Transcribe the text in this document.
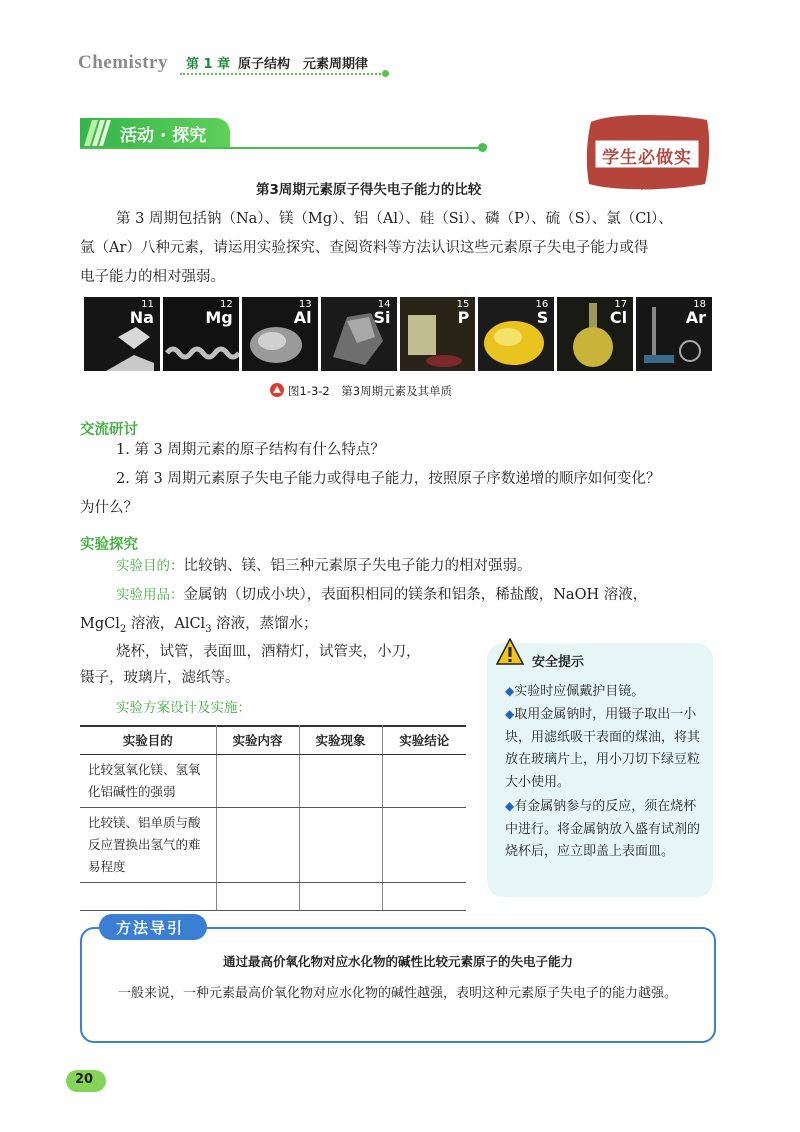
Chemistry 第 1 章 原子结构　元素周期律
活动 · 探究
学生必做实验
第3周期元素原子得失电子能力的比较
第 3 周期包括钠（Na）、镁（Mg）、铝（Al）、硅（Si）、磷（P）、硫（S）、氯（Cl）、
氩（Ar）八种元素，请运用实验探究、查阅资料等方法认识这些元素原子失电子能力或得
电子能力的相对强弱。
11
Na
12
Mg
13
Al
14
Si
15
P
16
S
17
Cl
18
Ar
图1-3-2　第3周期元素及其单质
交流研讨
1. 第 3 周期元素的原子结构有什么特点？
2. 第 3 周期元素原子失电子能力或得电子能力，按照原子序数递增的顺序如何变化？
为什么？
实验探究
实验目的：比较钠、镁、铝三种元素原子失电子能力的相对强弱。
实验用品：金属钠（切成小块），表面积相同的镁条和铝条，稀盐酸，NaOH 溶液，
MgCl$_2$ 溶液，AlCl$_3$ 溶液，蒸馏水；
烧杯，试管，表面皿，酒精灯，试管夹，小刀，
镊子，玻璃片，滤纸等。
实验方案设计及实施：
实验目的	实验内容	实验现象	实验结论
比较氢氧化镁、氢氧化铝碱性的强弱			
比较镁、铝单质与酸反应置换出氢气的难易程度			

安全提示
◆实验时应佩戴护目镜。
◆取用金属钠时，用镊子取出一小块，用滤纸吸干表面的煤油，将其放在玻璃片上，用小刀切下绿豆粒大小使用。
◆有金属钠参与的反应，须在烧杯中进行。将金属钠放入盛有试剂的烧杯后，应立即盖上表面皿。
方法导引
通过最高价氧化物对应水化物的碱性比较元素原子的失电子能力
一般来说，一种元素最高价氧化物对应水化物的碱性越强，表明这种元素原子失电子的能力越强。
20
